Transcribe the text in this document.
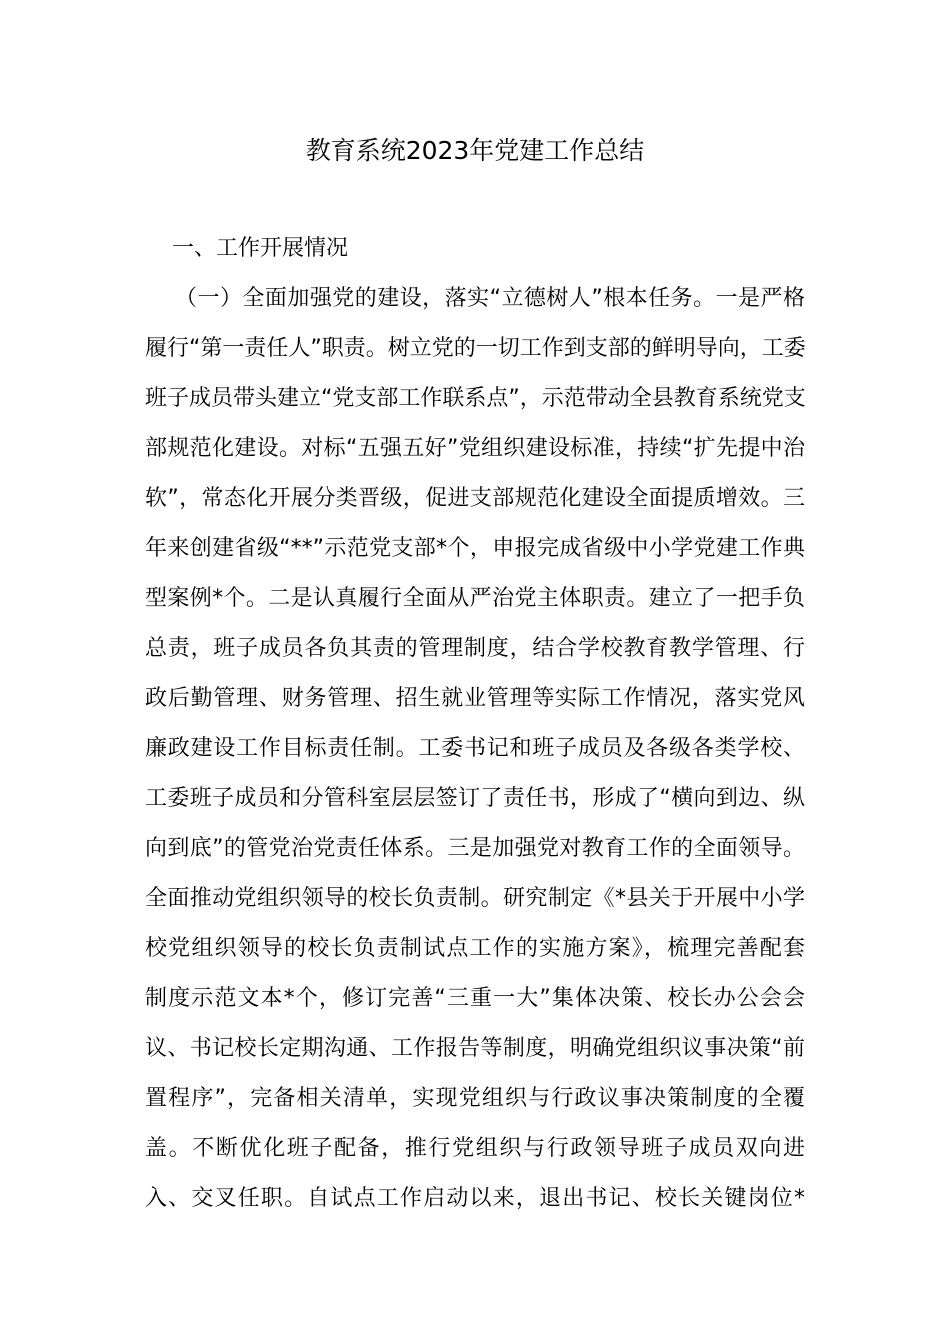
教育系统2023年党建工作总结
一、工作开展情况
（一）全面加强党的建设，落实“立德树人”根本任务。一是严格
履行“第一责任人”职责。树立党的一切工作到支部的鲜明导向，工委
班子成员带头建立“党支部工作联系点”，示范带动全县教育系统党支
部规范化建设。对标“五强五好”党组织建设标准，持续“扩先提中治
软”，常态化开展分类晋级，促进支部规范化建设全面提质增效。三
年来创建省级“**”示范党支部*个，申报完成省级中小学党建工作典
型案例*个。二是认真履行全面从严治党主体职责。建立了一把手负
总责，班子成员各负其责的管理制度，结合学校教育教学管理、行
政后勤管理、财务管理、招生就业管理等实际工作情况，落实党风
廉政建设工作目标责任制。工委书记和班子成员及各级各类学校、
工委班子成员和分管科室层层签订了责任书，形成了“横向到边、纵
向到底”的管党治党责任体系。三是加强党对教育工作的全面领导。
全面推动党组织领导的校长负责制。研究制定《*县关于开展中小学
校党组织领导的校长负责制试点工作的实施方案》，梳理完善配套
制度示范文本*个，修订完善“三重一大”集体决策、校长办公会会
议、书记校长定期沟通、工作报告等制度，明确党组织议事决策“前
置程序”，完备相关清单，实现党组织与行政议事决策制度的全覆
盖。不断优化班子配备，推行党组织与行政领导班子成员双向进
入、交叉任职。自试点工作启动以来，退出书记、校长关键岗位*
